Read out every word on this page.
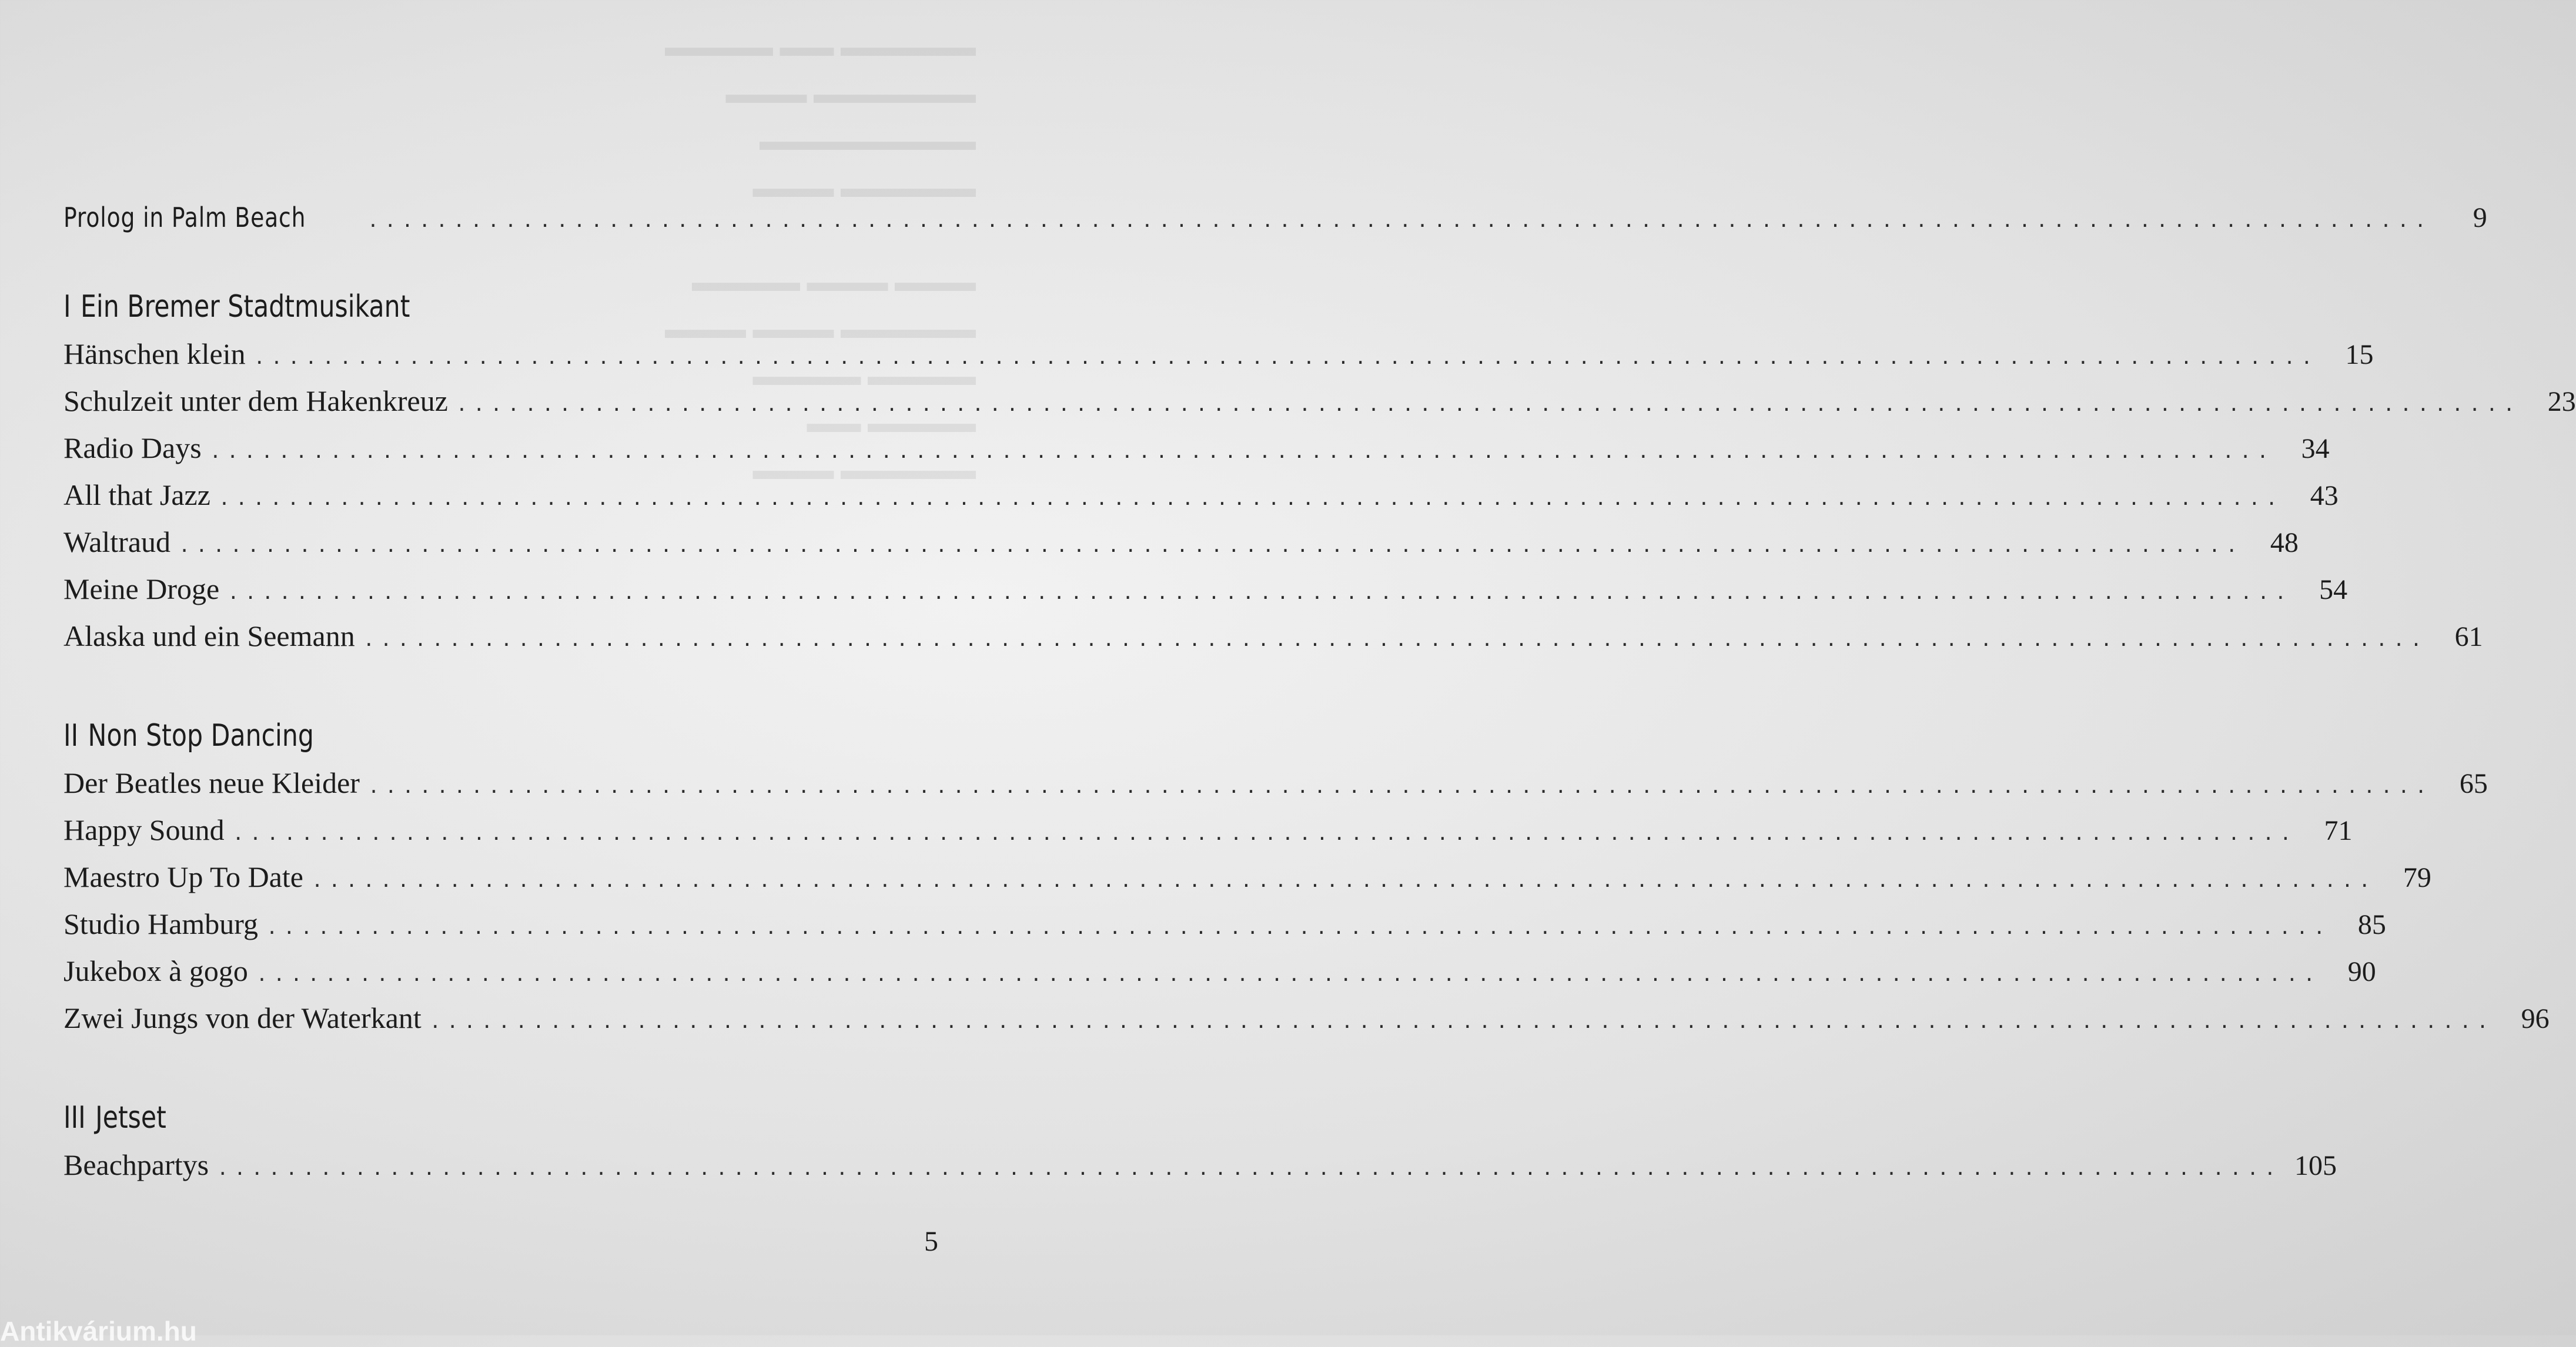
▬▬▬▬ ▬▬ ▬▬▬▬▬
▬▬▬ ▬▬▬▬▬▬
▬▬▬▬▬▬▬▬
▬▬▬ ▬▬▬▬▬

▬▬▬▬ ▬▬▬ ▬▬▬
▬▬▬ ▬▬▬ ▬▬▬▬▬
▬▬▬▬ ▬▬▬▬
▬▬ ▬▬▬▬
▬▬▬ ▬▬▬▬▬
Prolog in Palm Beach	........................................................................................................................	9
I Ein Bremer Stadtmusikant
Hänschen klein ........................................................................................................................ 15
Schulzeit unter dem Hakenkreuz ........................................................................................................................ 23
Radio Days ........................................................................................................................ 34
All that Jazz ........................................................................................................................ 43
Waltraud ........................................................................................................................ 48
Meine Droge ........................................................................................................................ 54
Alaska und ein Seemann ........................................................................................................................ 61
II Non Stop Dancing
Der Beatles neue Kleider ........................................................................................................................ 65
Happy Sound ........................................................................................................................ 71
Maestro Up To Date ........................................................................................................................ 79
Studio Hamburg ........................................................................................................................ 85
Jukebox à gogo ........................................................................................................................ 90
Zwei Jungs von der Waterkant ........................................................................................................................ 96
III Jetset
Beachpartys ........................................................................................................................ 105
5
Antikvárium.hu
